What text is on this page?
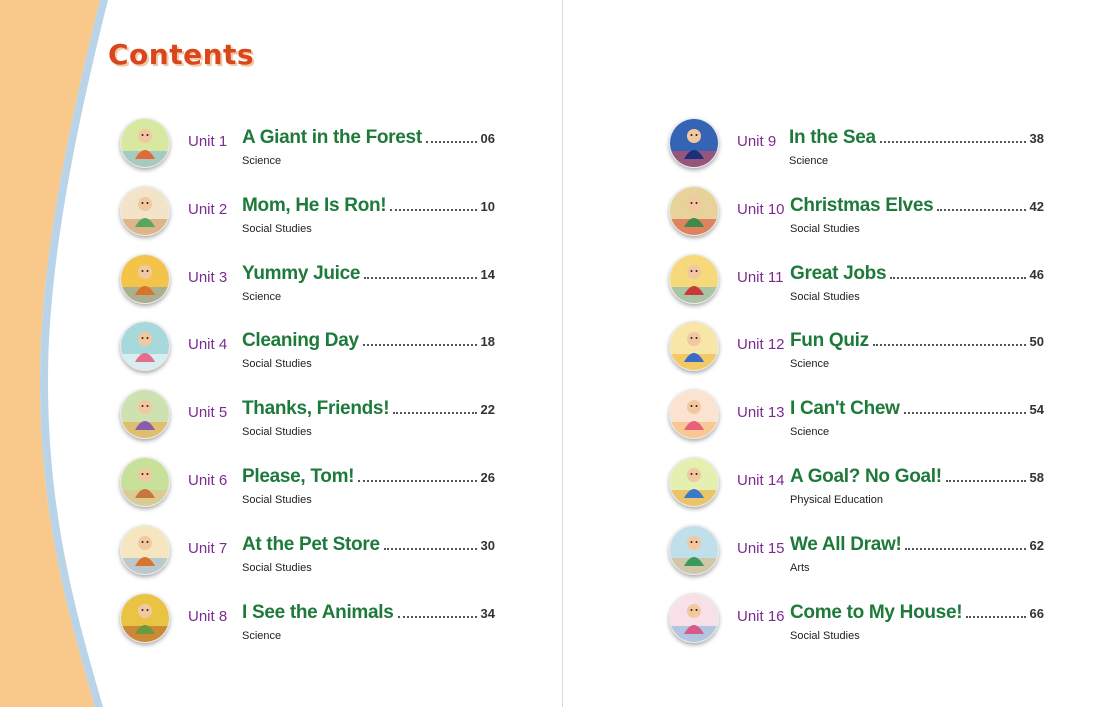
Contents
Unit 1 A Giant in the Forest	06
Science
Unit 2 Mom, He Is Ron!	10
Social Studies
Unit 3 Yummy Juice	14
Science
Unit 4 Cleaning Day	18
Social Studies
Unit 5 Thanks, Friends!	22
Social Studies
Unit 6 Please, Tom!	26
Social Studies
Unit 7 At the Pet Store	30
Social Studies
Unit 8 I See the Animals	34
Science
Unit 9 In the Sea	38
Science
Unit 10 Christmas Elves	42
Social Studies
Unit 11 Great Jobs	46
Social Studies
Unit 12 Fun Quiz	50
Science
Unit 13 I Can't Chew	54
Science
Unit 14 A Goal? No Goal!	58
Physical Education
Unit 15 We All Draw!	62
Arts
Unit 16 Come to My House!	66
Social Studies
